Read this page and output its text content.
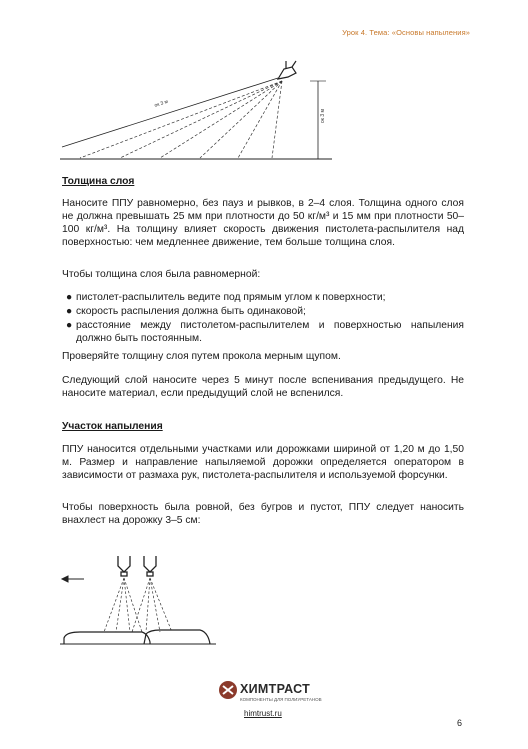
Урок 4. Тема: «Основы напыления»
ок 3 м
ок 3 м
Толщина слоя
Наносите ППУ равномерно, без пауз и рывков, в 2–4 слоя. Толщина одного слоя не должна превышать 25 мм при плотности до 50 кг/м³ и 15 мм при плотности 50–100 кг/м³. На толщину влияет скорость движения пистолета-распылителя над поверхностью: чем медленнее движение, тем больше толщина слоя.
Чтобы толщина слоя была равномерной:
● пистолет-распылитель ведите под прямым углом к поверхности;
● скорость распыления должна быть одинаковой;
● расстояние между пистолетом-распылителем и поверхностью напыления должно быть постоянным.
Проверяйте толщину слоя путем прокола мерным щупом.
Следующий слой наносите через 5 минут после вспенивания предыдущего. Не наносите материал, если предыдущий слой не вспенился.
Участок напыления
ППУ наносится отдельными участками или дорожками шириной от 1,20 м до 1,50 м. Размер и направление напыляемой дорожки определяется оператором в зависимости от размаха рук, пистолета-распылителя и используемой форсунки.
Чтобы поверхность была ровной, без бугров и пустот, ППУ следует наносить внахлест на дорожку 3–5 см:
ХИМТРАСТ
КОМПОНЕНТЫ ДЛЯ ПОЛИУРЕТАНОВ
himtrust.ru
6
